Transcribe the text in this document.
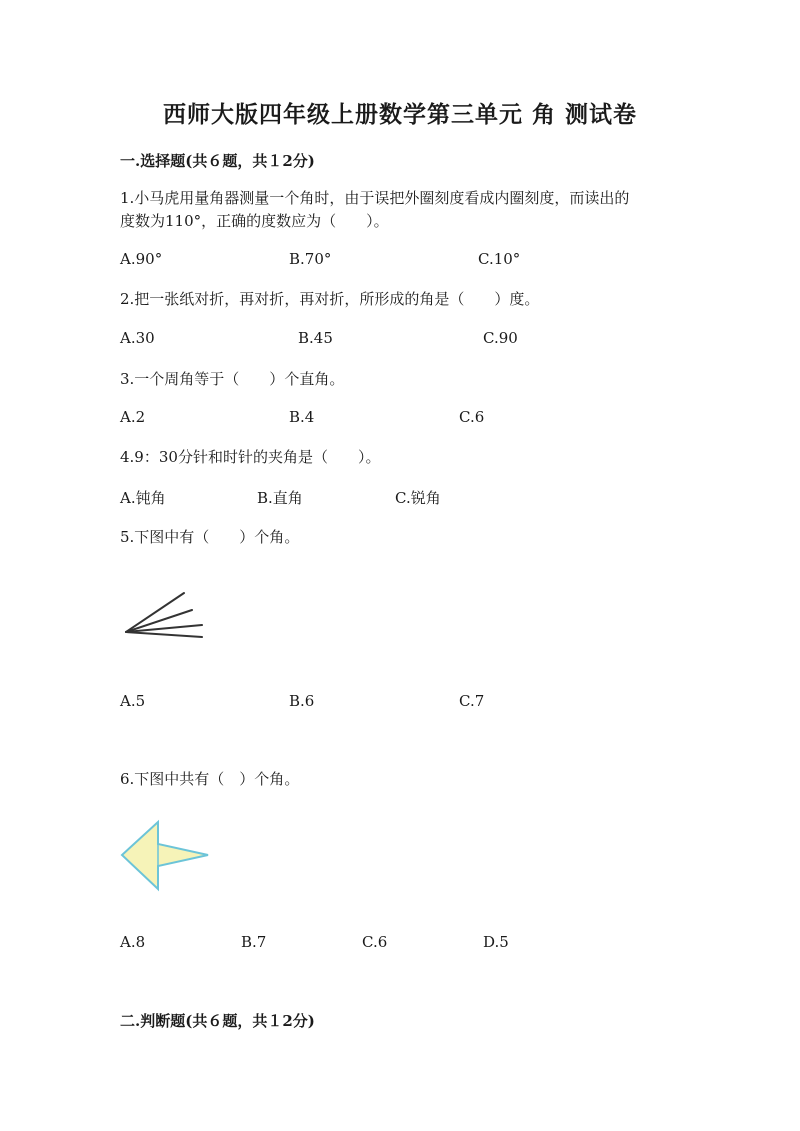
西师大版四年级上册数学第三单元 角 测试卷
一.选择题(共６题，共１2分)
1.小马虎用量角器测量一个角时，由于误把外圈刻度看成内圈刻度，而读出的
度数为110°，正确的度数应为（　　）。
A.90°	B.70°	C.10°
2.把一张纸对折，再对折，再对折，所形成的角是（　　）度。
A.30	B.45	C.90
3.一个周角等于（　　）个直角。
A.2	B.4	C.6
4.9：30分针和时针的夹角是（　　）。
A.钝角	B.直角	C.锐角
5.下图中有（　　）个角。
A.5	B.6	C.7
6.下图中共有（　）个角。
A.8	B.7	C.6	D.5
二.判断题(共６题，共１2分)
